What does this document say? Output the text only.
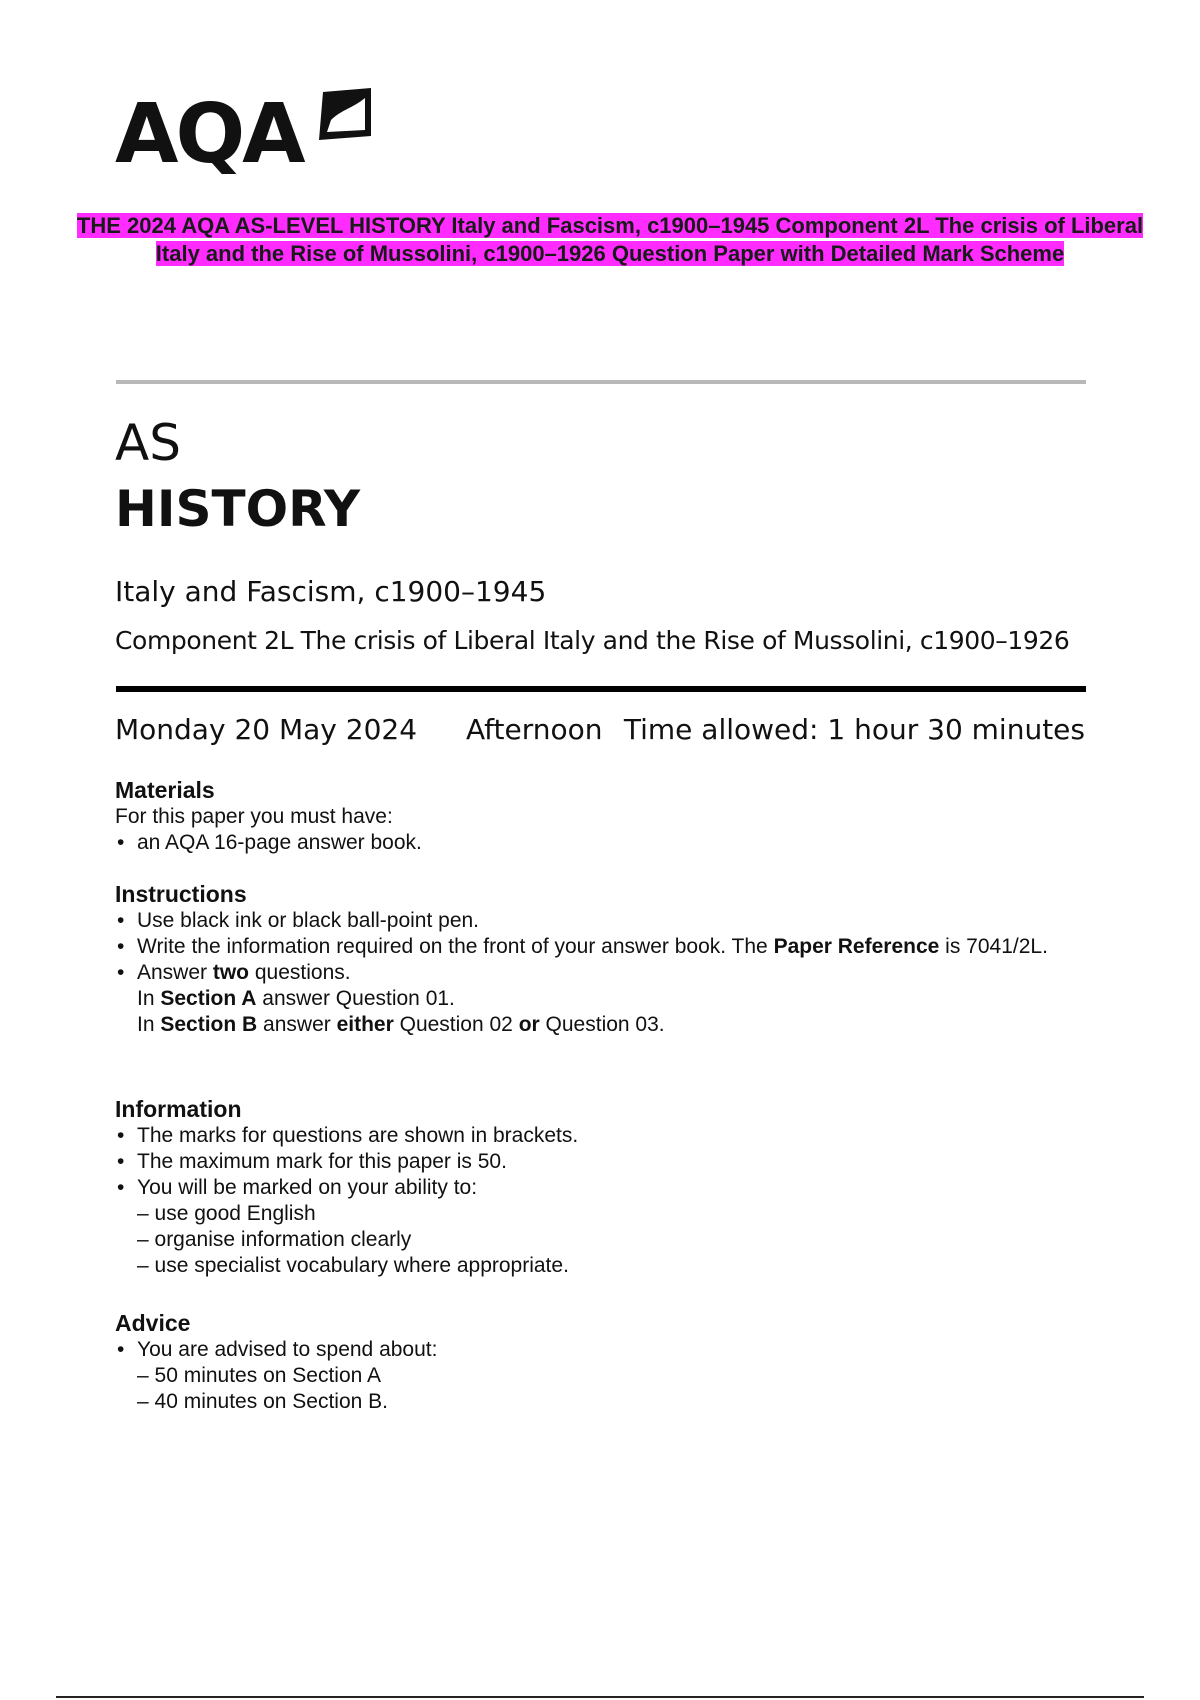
AQA
THE 2024 AQA AS-LEVEL HISTORY Italy and Fascism, c1900–1945 Component 2L The crisis of Liberal Italy and the Rise of Mussolini, c1900–1926 Question Paper with Detailed Mark Scheme
AS
HISTORY
Italy and Fascism, c1900–1945
Component 2L The crisis of Liberal Italy and the Rise of Mussolini, c1900–1926
Monday 20 May 2024 Afternoon Time allowed: 1 hour 30 minutes
Materials

For this paper you must have:

• an AQA 16-page answer book.
Instructions
• Use black ink or black ball-point pen.
• Write the information required on the front of your answer book. The Paper Reference is 7041/2L.
• Answer two questions.
In Section A answer Question 01.
In Section B answer either Question 02 or Question 03.
Information
• The marks for questions are shown in brackets.
• The maximum mark for this paper is 50.
• You will be marked on your ability to:
– use good English
– organise information clearly
– use specialist vocabulary where appropriate.
Advice
• You are advised to spend about:
– 50 minutes on Section A
– 40 minutes on Section B.
